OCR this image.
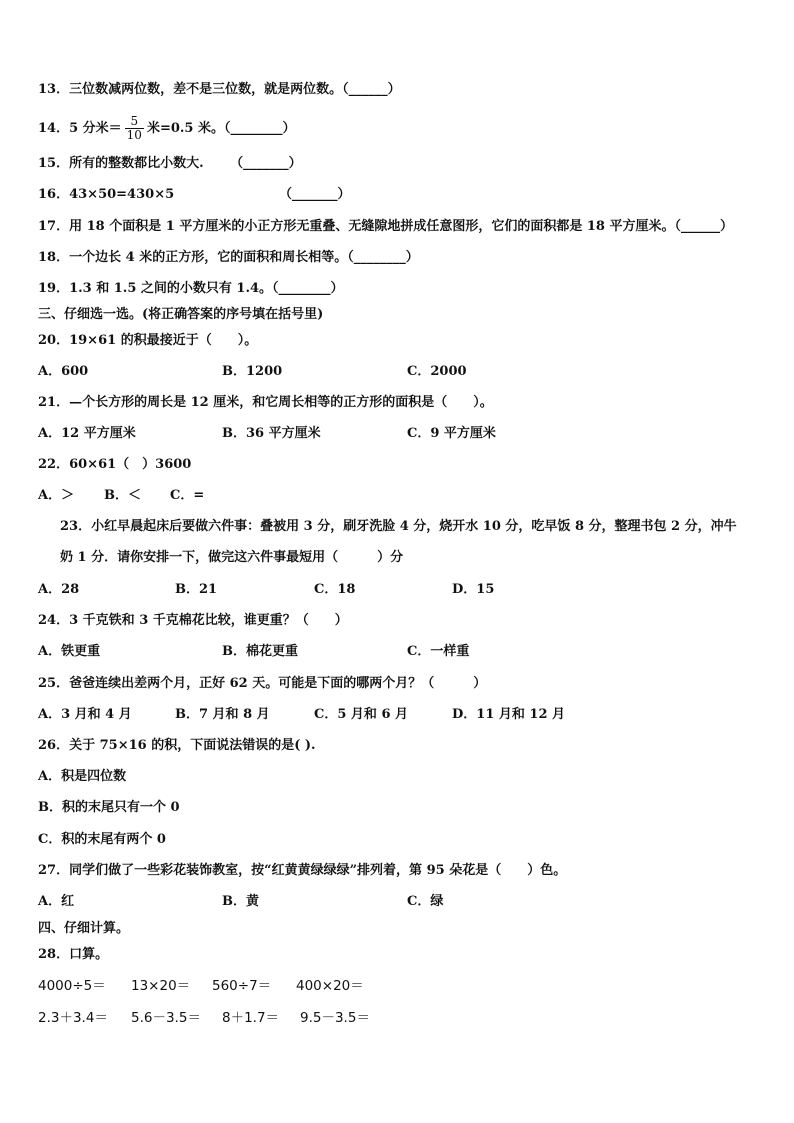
13．三位数减两位数，差不是三位数，就是两位数。（______）
14．5 分米＝ $\frac{5}{10}$ 米=0.5 米。（________）
15．所有的整数都比小数大. （_______）
16．43×50=430×5	（_______）
17．用 18 个面积是 1 平方厘米的小正方形无重叠、无缝隙地拼成任意图形，它们的面积都是 18 平方厘米。（______）
18．一个边长 4 米的正方形，它的面积和周长相等。（________）
19．1.3 和 1.5 之间的小数只有 1.4。（________）
三、仔细选一选。(将正确答案的序号填在括号里)
20．19×61 的积最接近于（　　）。
A．600	B．1200	C．2000
21．—个长方形的周长是 12 厘米，和它周长相等的正方形的面积是（　　）。
A．12 平方厘米	B．36 平方厘米	C．9 平方厘米
22．60×61（　）3600
A．＞ B．＜ C．=
23．小红早晨起床后要做六件事：叠被用 3 分，刷牙洗脸 4 分，烧开水 10 分，吃早饭 8 分，整理书包 2 分，冲牛
奶 1 分．请你安排一下，做完这六件事最短用（　　　）分
A．28	B．21	C．18	D．15
24．3 千克铁和 3 千克棉花比较，谁更重？（　　）
A．铁更重	B．棉花更重	C．一样重
25．爸爸连续出差两个月，正好 62 天。可能是下面的哪两个月？（　　　）
A．3 月和 4 月	B．7 月和 8 月	C．5 月和 6 月	D．11 月和 12 月
26．关于 75×16 的积，下面说法错误的是( ).
A．积是四位数
B．积的末尾只有一个 0
C．积的末尾有两个 0
27．同学们做了一些彩花装饰教室，按“红黄黄绿绿绿”排列着，第 95 朵花是（　　）色。
A．红	B．黄	C．绿
四、仔细计算。
28．口算。
4000÷5＝ 13×20＝ 560÷7＝ 400×20＝
2.3＋3.4＝ 5.6－3.5＝ 8＋1.7＝ 9.5－3.5＝
